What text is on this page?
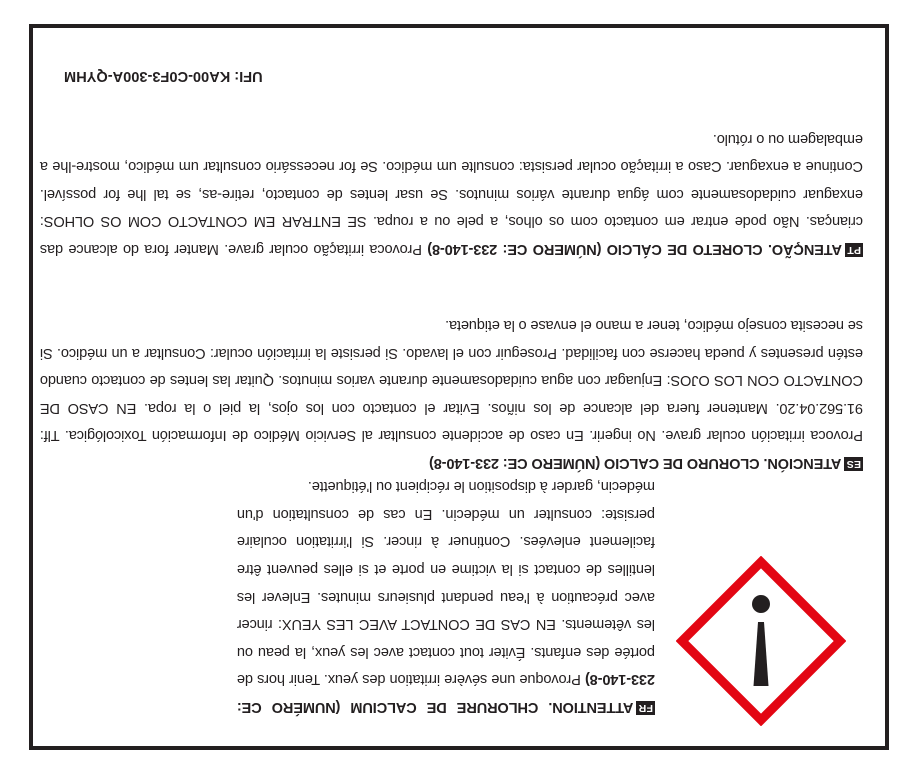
FRATTENTION. CHLORURE DE CALCIUM (NUMÉRO CE: 233-140-8) Provoque une sévère irritation des yeux. Tenir hors de portée des enfants. Éviter tout contact avec les yeux, la peau ou les vêtements. EN CAS DE CONTACT AVEC LES YEUX: rincer avec précaution à l'eau pendant plusieurs minutes. Enlever les lentilles de contact si la victime en porte et si elles peuvent être facilement enlevées. Continuer à rincer. Si l'irritation oculaire persiste: consulter un médecin. En cas de consultation d'un médecin, garder à disposition le récipient ou l'étiquette.
ESATENCIÓN. CLORURO DE CALCIO (NÚMERO CE: 233-140-8)
Provoca irritación ocular grave. No ingerir. En caso de accidente consultar al Servicio Médico de Información Toxicológica. Tlf: 91.562.04.20. Mantener fuera del alcance de los niños. Evitar el contacto con los ojos, la piel o la ropa. EN CASO DE CONTACTO CON LOS OJOS: Enjuagar con agua cuidadosamente durante varios minutos. Quitar las lentes de contacto cuando estén presentes y pueda hacerse con facilidad. Proseguir con el lavado. Si persiste la irritación ocular: Consultar a un médico. Si se necesita consejo médico, tener a mano el envase o la etiqueta.
PTATENÇÃO. CLORETO DE CÁLCIO (NÚMERO CE: 233-140-8) Provoca irritação ocular grave. Manter fora do alcance das crianças. Não pode entrar em contacto com os olhos, a pele ou a roupa. SE ENTRAR EM CONTACTO COM OS OLHOS: enxaguar cuidadosamente com água durante vários minutos. Se usar lentes de contacto, retire-as, se tal lhe for possível. Continue a enxaguar. Caso a irritação ocular persista: consulte um médico. Se for necessário consultar um médico, mostre-lhe a embalagem ou o rótulo.
UFI: KA00-C0F3-300A-QYHM
